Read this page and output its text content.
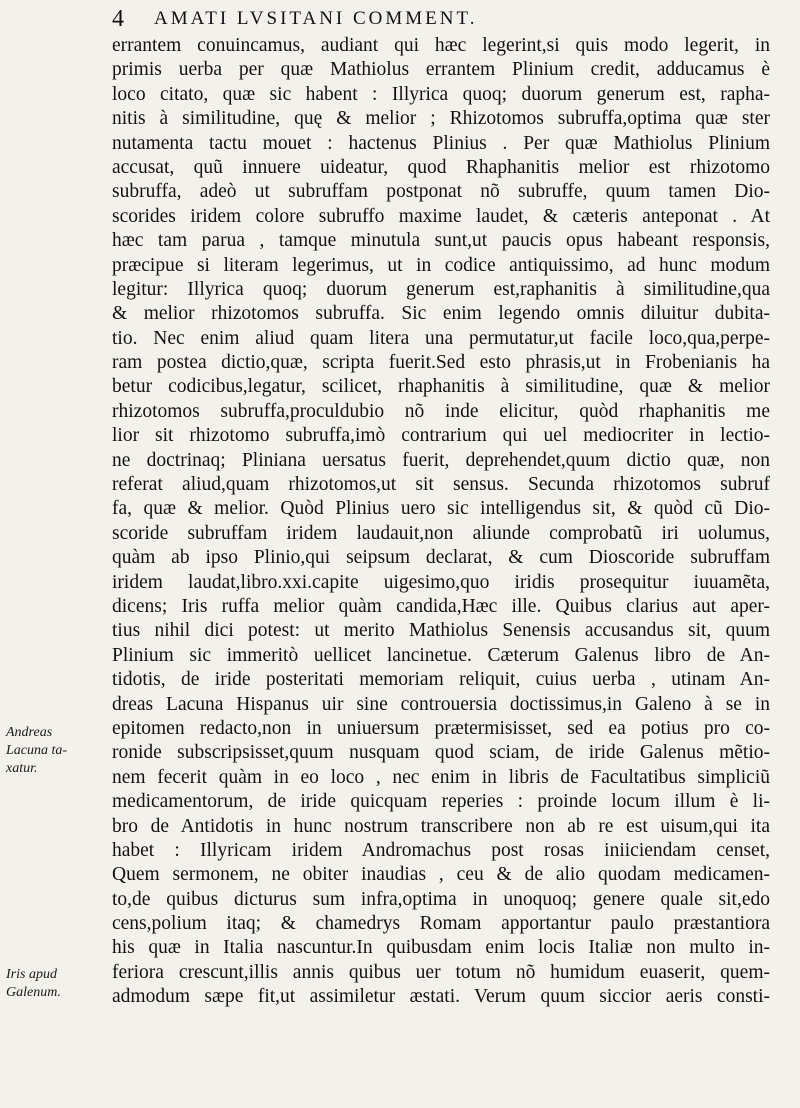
4 AMATI LVSITANI COMMENT.
Andreas
Lacuna ta-
xatur.
Iris apud
Galenum.
errantem conuincamus, audiant qui hæc legerint,si quis modo legerit, in
primis uerba per quæ Mathiolus errantem Plinium credit, adducamus è
loco citato, quæ sic habent : Illyrica quoq; duorum generum est, rapha-
nitis à similitudine, quę & melior ; Rhizotomos subruffa,optima quæ ster
nutamenta tactu mouet : hactenus Plinius . Per quæ Mathiolus Plinium
accusat, quũ innuere uideatur, quod Rhaphanitis melior est rhizotomo
subruffa, adeò ut subruffam postponat nõ subruffe, quum tamen Dio-
scorides iridem colore subruffo maxime laudet, & cæteris anteponat . At
hæc tam parua , tamque minutula sunt,ut paucis opus habeant responsis,
præcipue si literam legerimus, ut in codice antiquissimo, ad hunc modum
legitur: Illyrica quoq; duorum generum est,raphanitis à similitudine,qua
& melior rhizotomos subruffa. Sic enim legendo omnis diluitur dubita-
tio. Nec enim aliud quam litera una permutatur,ut facile loco,qua,perpe-
ram postea dictio,quæ, scripta fuerit.Sed esto phrasis,ut in Frobenianis ha
betur codicibus,legatur, scilicet, rhaphanitis à similitudine, quæ & melior
rhizotomos subruffa,proculdubio nõ inde elicitur, quòd rhaphanitis me
lior sit rhizotomo subruffa,imò contrarium qui uel mediocriter in lectio-
ne doctrinaq; Pliniana uersatus fuerit, deprehendet,quum dictio quæ, non
referat aliud,quam rhizotomos,ut sit sensus. Secunda rhizotomos subruf
fa, quæ & melior. Quòd Plinius uero sic intelligendus sit, & quòd cũ Dio-
scoride subruffam iridem laudauit,non aliunde comprobatũ iri uolumus,
quàm ab ipso Plinio,qui seipsum declarat, & cum Dioscoride subruffam
iridem laudat,libro.xxi.capite uigesimo,quo iridis prosequitur iuuamẽta,
dicens; Iris ruffa melior quàm candida,Hæc ille. Quibus clarius aut aper-
tius nihil dici potest: ut merito Mathiolus Senensis accusandus sit, quum
Plinium sic immeritò uellicet lancinetue. Cæterum Galenus libro de An-
tidotis, de iride posteritati memoriam reliquit, cuius uerba , utinam An-
dreas Lacuna Hispanus uir sine controuersia doctissimus,in Galeno à se in
epitomen redacto,non in uniuersum prætermisisset, sed ea potius pro co-
ronide subscripsisset,quum nusquam quod sciam, de iride Galenus mẽtio-
nem fecerit quàm in eo loco , nec enim in libris de Facultatibus simpliciũ
medicamentorum, de iride quicquam reperies : proinde locum illum è li-
bro de Antidotis in hunc nostrum transcribere non ab re est uisum,qui ita
habet : Illyricam iridem Andromachus post rosas iniiciendam censet,
Quem sermonem, ne obiter inaudias , ceu & de alio quodam medicamen-
to,de quibus dicturus sum infra,optima in unoquoq; genere quale sit,edo
cens,polium itaq; & chamedrys Romam apportantur paulo præstantiora
his quæ in Italia nascuntur.In quibusdam enim locis Italiæ non multo in-
feriora crescunt,illis annis quibus uer totum nõ humidum euaserit, quem-
admodum sæpe fit,ut assimiletur æstati. Verum quum siccior aeris consti-
